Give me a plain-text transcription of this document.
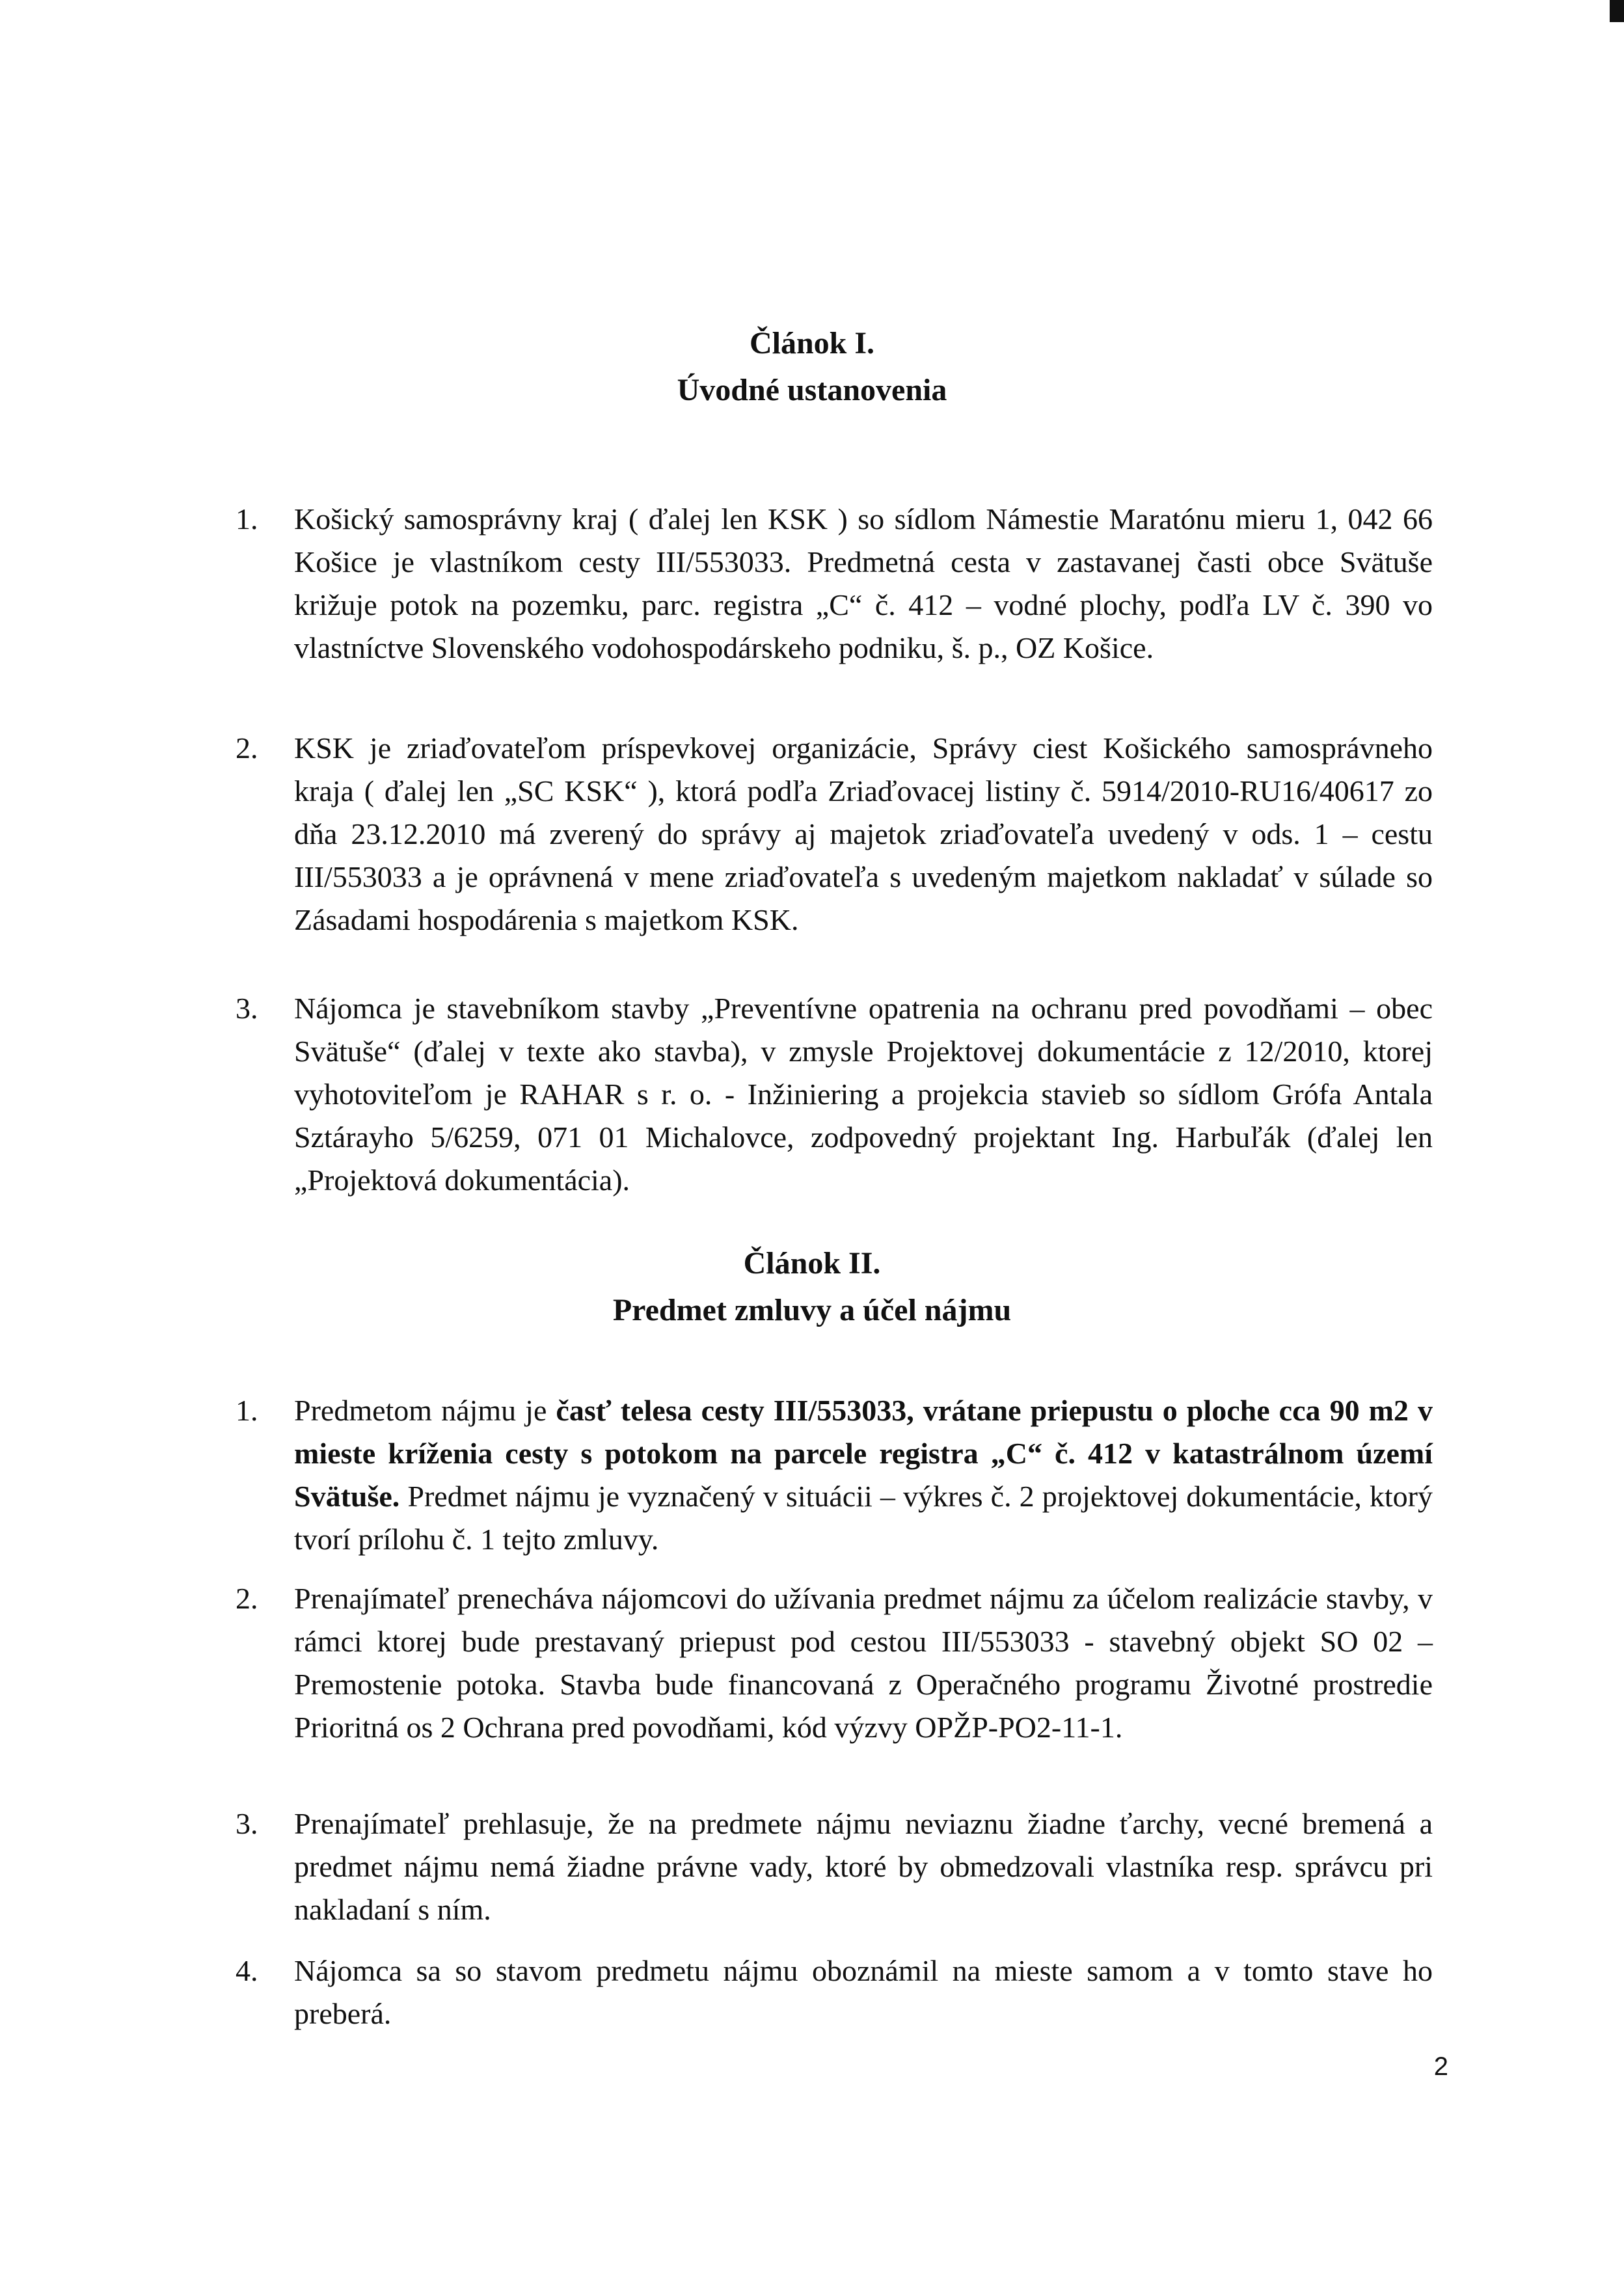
Článok I.
Úvodné ustanovenia
1.	Košický samosprávny kraj ( ďalej len KSK ) so sídlom Námestie Maratónu mieru 1, 042 66 Košice je vlastníkom cesty III/553033. Predmetná cesta v zastavanej časti obce Svätuše križuje potok na pozemku, parc. registra „C“ č. 412 – vodné plochy, podľa LV č. 390 vo vlastníctve Slovenského vodohospodárskeho podniku, š. p., OZ Košice.
2.	KSK je zriaďovateľom príspevkovej organizácie, Správy ciest Košického samosprávneho kraja ( ďalej len „SC KSK“ ), ktorá podľa Zriaďovacej listiny č. 5914/2010-RU16/40617 zo dňa 23.12.2010 má zverený do správy aj majetok zriaďovateľa uvedený v ods. 1 – cestu III/553033 a je oprávnená v mene zriaďovateľa s uvedeným majetkom nakladať v súlade so Zásadami hospodárenia s majetkom KSK.
3.	Nájomca je stavebníkom stavby „Preventívne opatrenia na ochranu pred povodňami – obec Svätuše“ (ďalej v texte ako stavba), v zmysle Projektovej dokumentácie z 12/2010, ktorej vyhotoviteľom je RAHAR s r. o. - Inžiniering a projekcia stavieb so sídlom Grófa Antala Sztárayho 5/6259, 071 01 Michalovce, zodpovedný projektant Ing. Harbuľák (ďalej len „Projektová dokumentácia).
Článok II.
Predmet zmluvy a účel nájmu
1.	Predmetom nájmu je časť telesa cesty III/553033, vrátane priepustu o ploche cca 90 m2 v mieste kríženia cesty s potokom na parcele registra „C“ č. 412 v katastrálnom území Svätuše. Predmet nájmu je vyznačený v situácii – výkres č. 2 projektovej dokumentácie, ktorý tvorí prílohu č. 1 tejto zmluvy.
2.	Prenajímateľ prenecháva nájomcovi do užívania predmet nájmu za účelom realizácie stavby, v rámci ktorej bude prestavaný priepust pod cestou III/553033 - stavebný objekt SO 02 – Premostenie potoka. Stavba bude financovaná z Operačného programu Životné prostredie Prioritná os 2 Ochrana pred povodňami, kód výzvy OPŽP-PO2-11-1.
3.	Prenajímateľ prehlasuje, že na predmete nájmu neviaznu žiadne ťarchy, vecné bremená a predmet nájmu nemá žiadne právne vady, ktoré by obmedzovali vlastníka resp. správcu pri nakladaní s ním.
4.	Nájomca sa so stavom predmetu nájmu oboznámil na mieste samom a v tomto stave ho preberá.
2
